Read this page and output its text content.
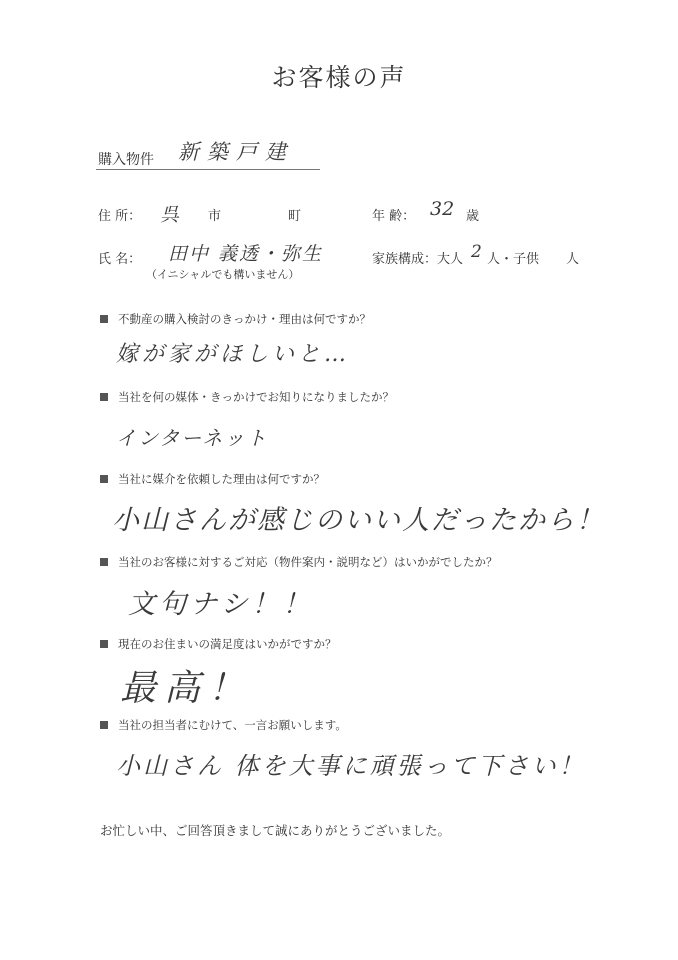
お客様の声
購入物件 新築戸建
住 所： 呉 市	町	年 齢： 32 歳
氏 名： 田中 義透・弥生
（イニシャルでも構いません）
家族構成：大人 2 人・子供 人
不動産の購入検討のきっかけ・理由は何ですか？
嫁が家がほしいと…
当社を何の媒体・きっかけでお知りになりましたか？
インターネット
当社に媒介を依頼した理由は何ですか？
小山さんが感じのいい人だったから！
当社のお客様に対するご対応（物件案内・説明など）はいかがでしたか？
文句ナシ！！
現在のお住まいの満足度はいかがですか？
最高！
当社の担当者にむけて、一言お願いします。
小山さん 体を大事に頑張って下さい！
お忙しい中、ご回答頂きまして誠にありがとうございました。
